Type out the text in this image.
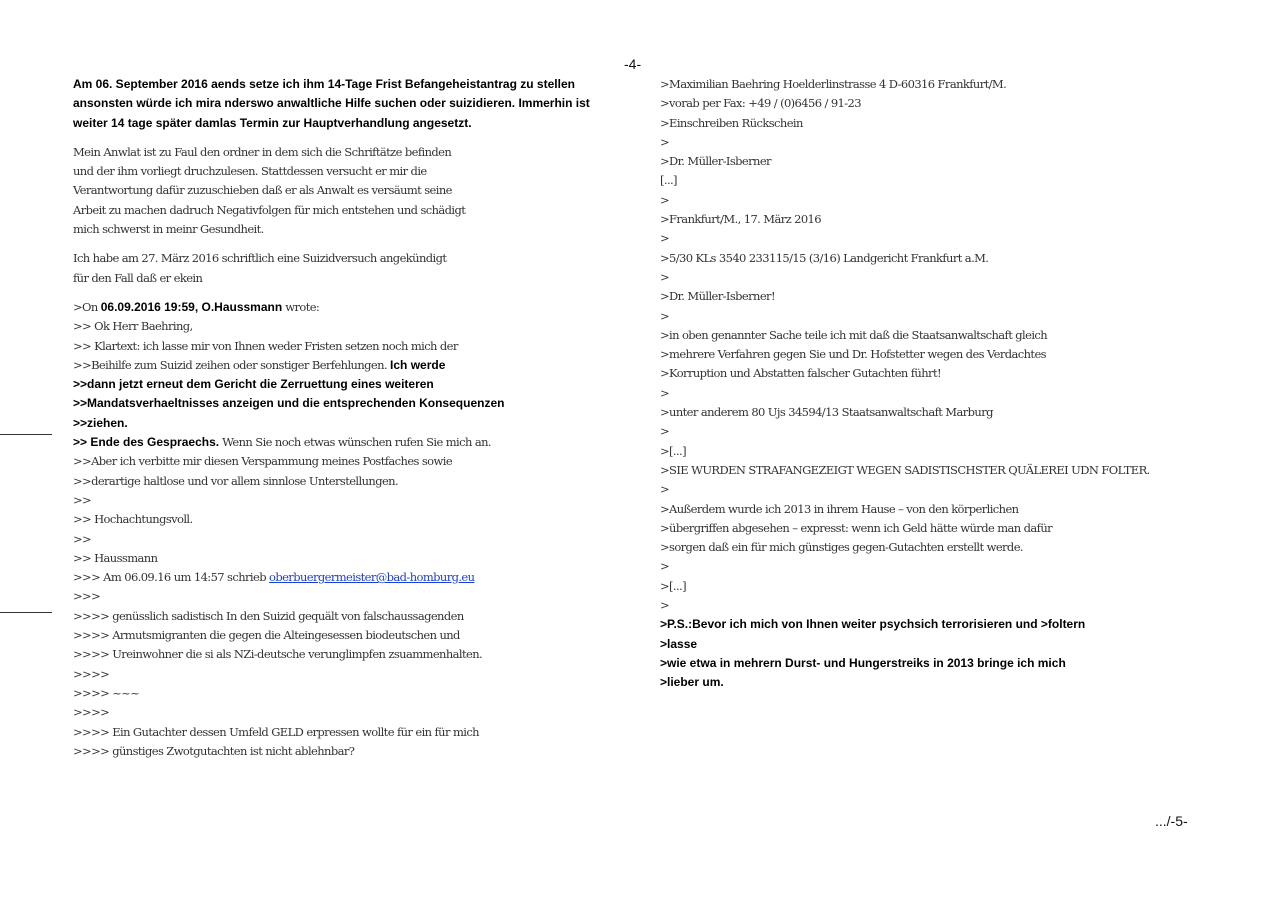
-4-
Am 06. September 2016 aends setze ich ihm 14-Tage Frist Befangeheistantrag zu stellen
ansonsten würde ich mira nderswo anwaltliche Hilfe suchen oder suizidieren. Immerhin ist
weiter 14 tage später damlas Termin zur Hauptverhandlung angesetzt.
Mein Anwlat ist zu Faul den ordner in dem sich die Schriftätze befinden
und der ihm vorliegt druchzulesen. Stattdessen versucht er mir die
Verantwortung dafür zuzuschieben daß er als Anwalt es versäumt seine
Arbeit zu machen dadruch Negativfolgen für mich entstehen und schädigt
mich schwerst in meinr Gesundheit.
Ich habe am 27. März 2016 schriftlich eine Suizidversuch angekündigt
für den Fall daß er ekein
>On 06.09.2016 19:59, O.Haussmann wrote:
>> Ok Herr Baehring,
>> Klartext: ich lasse mir von Ihnen weder Fristen setzen noch mich der
>>Beihilfe zum Suizid zeihen oder sonstiger Berfehlungen. Ich werde
>>dann jetzt erneut dem Gericht die Zerruettung eines weiteren
>>Mandatsverhaeltnisses anzeigen und die entsprechenden Konsequenzen
>>ziehen.
>> Ende des Gespraechs. Wenn Sie noch etwas wünschen rufen Sie mich an.
>>Aber ich verbitte mir diesen Verspammung meines Postfaches sowie
>>derartige haltlose und vor allem sinnlose Unterstellungen.
>>
>> Hochachtungsvoll.
>>
>> Haussmann
>>> Am 06.09.16 um 14:57 schrieb oberbuergermeister@bad-homburg.eu
>>>
>>>> genüsslich sadistisch In den Suizid gequält von falschaussagenden
>>>> Armutsmigranten die gegen die Alteingesessen biodeutschen und
>>>> Ureinwohner die si als NZi-deutsche verunglimpfen zsuammenhalten.
>>>>
>>>> ~~~
>>>>
>>>> Ein Gutachter dessen Umfeld GELD erpressen wollte für ein für mich
>>>> günstiges Zwotgutachten ist nicht ablehnbar?
>Maximilian Baehring Hoelderlinstrasse 4 D-60316 Frankfurt/M.
>vorab per Fax: +49 / (0)6456 / 91-23
>Einschreiben Rückschein
>
>Dr. Müller-Isberner
[...]
>
>Frankfurt/M., 17. März 2016
>
>5/30 KLs 3540 233115/15 (3/16) Landgericht Frankfurt a.M.
>
>Dr. Müller-Isberner!
>
>in oben genannter Sache teile ich mit daß die Staatsanwaltschaft gleich
>mehrere Verfahren gegen Sie und Dr. Hofstetter wegen des Verdachtes
>Korruption und Abstatten falscher Gutachten führt!
>
>unter anderem 80 Ujs 34594/13 Staatsanwaltschaft Marburg
>
>[...]
>SIE WURDEN STRAFANGEZEIGT WEGEN SADISTISCHSTER QUÄLEREI UDN FOLTER.
>
>Außerdem wurde ich 2013 in ihrem Hause – von den körperlichen
>übergriffen abgesehen – expresst: wenn ich Geld hätte würde man dafür
>sorgen daß ein für mich günstiges gegen-Gutachten erstellt werde.
>
>[...]
>
>P.S.:Bevor ich mich von Ihnen weiter psychsich terrorisieren und >foltern
>lasse
>wie etwa in mehrern Durst- und Hungerstreiks in 2013 bringe ich mich
>lieber um.
.../-5-
